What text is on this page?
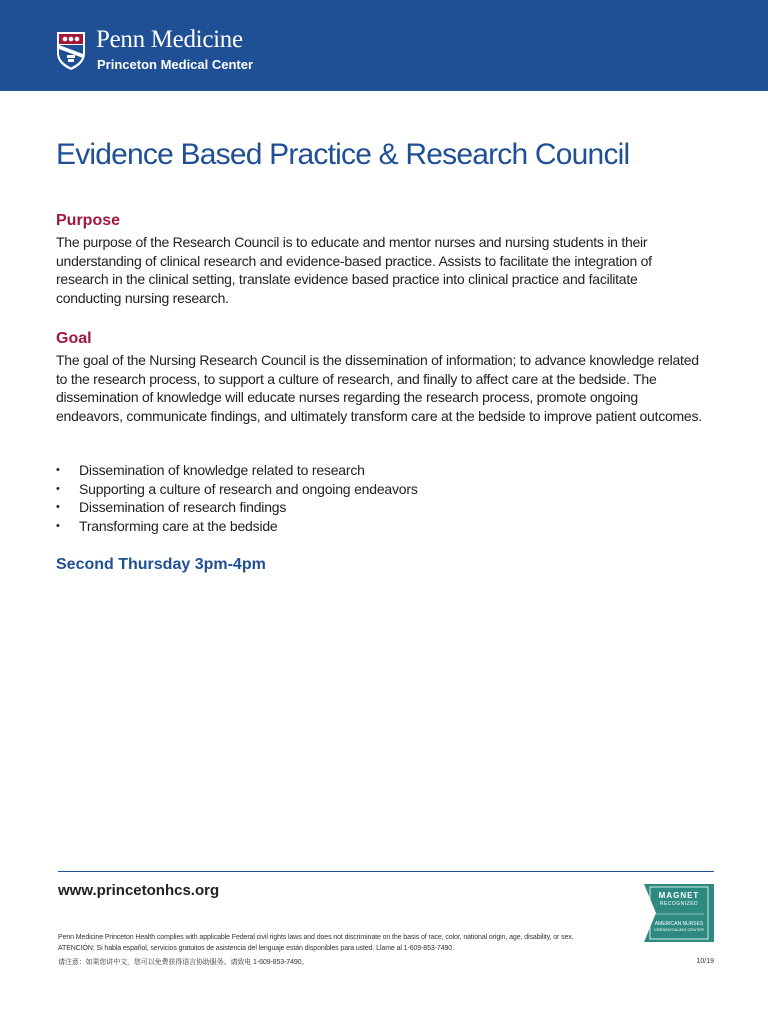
Penn Medicine
Princeton Medical Center
Evidence Based Practice & Research Council
Purpose

The purpose of the Research Council is to educate and mentor nurses and nursing students in their understanding of clinical research and evidence-based practice. Assists to facilitate the integration of research in the clinical setting, translate evidence based practice into clinical practice and facilitate conducting nursing research.

Goal

The goal of the Nursing Research Council is the dissemination of information; to advance knowledge related to the research process, to support a culture of research, and finally to affect care at the bedside. The dissemination of knowledge will educate nurses regarding the research process, promote ongoing endeavors, communicate findings, and ultimately transform care at the bedside to improve patient outcomes.

• Dissemination of knowledge related to research
• Supporting a culture of research and ongoing endeavors
• Dissemination of research findings
• Transforming care at the bedside
Second Thursday 3pm-4pm
www.princetonhcs.org
Penn Medicine Princeton Health complies with applicable Federal civil rights laws and does not discriminate on the basis of race, color, national origin, age, disability, or sex.
ATENCIÓN: Si habla español, servicios gratuitos de asistencia del lenguaje están disponibles para usted. Llame al 1-609-853-7490.
请注意：如果您讲中文，您可以免费获得语言协助服务。请致电 1-609-853-7490。	10/19
MAGNET
RECOGNIZED
AMERICAN NURSES
CREDENTIALING CENTER
